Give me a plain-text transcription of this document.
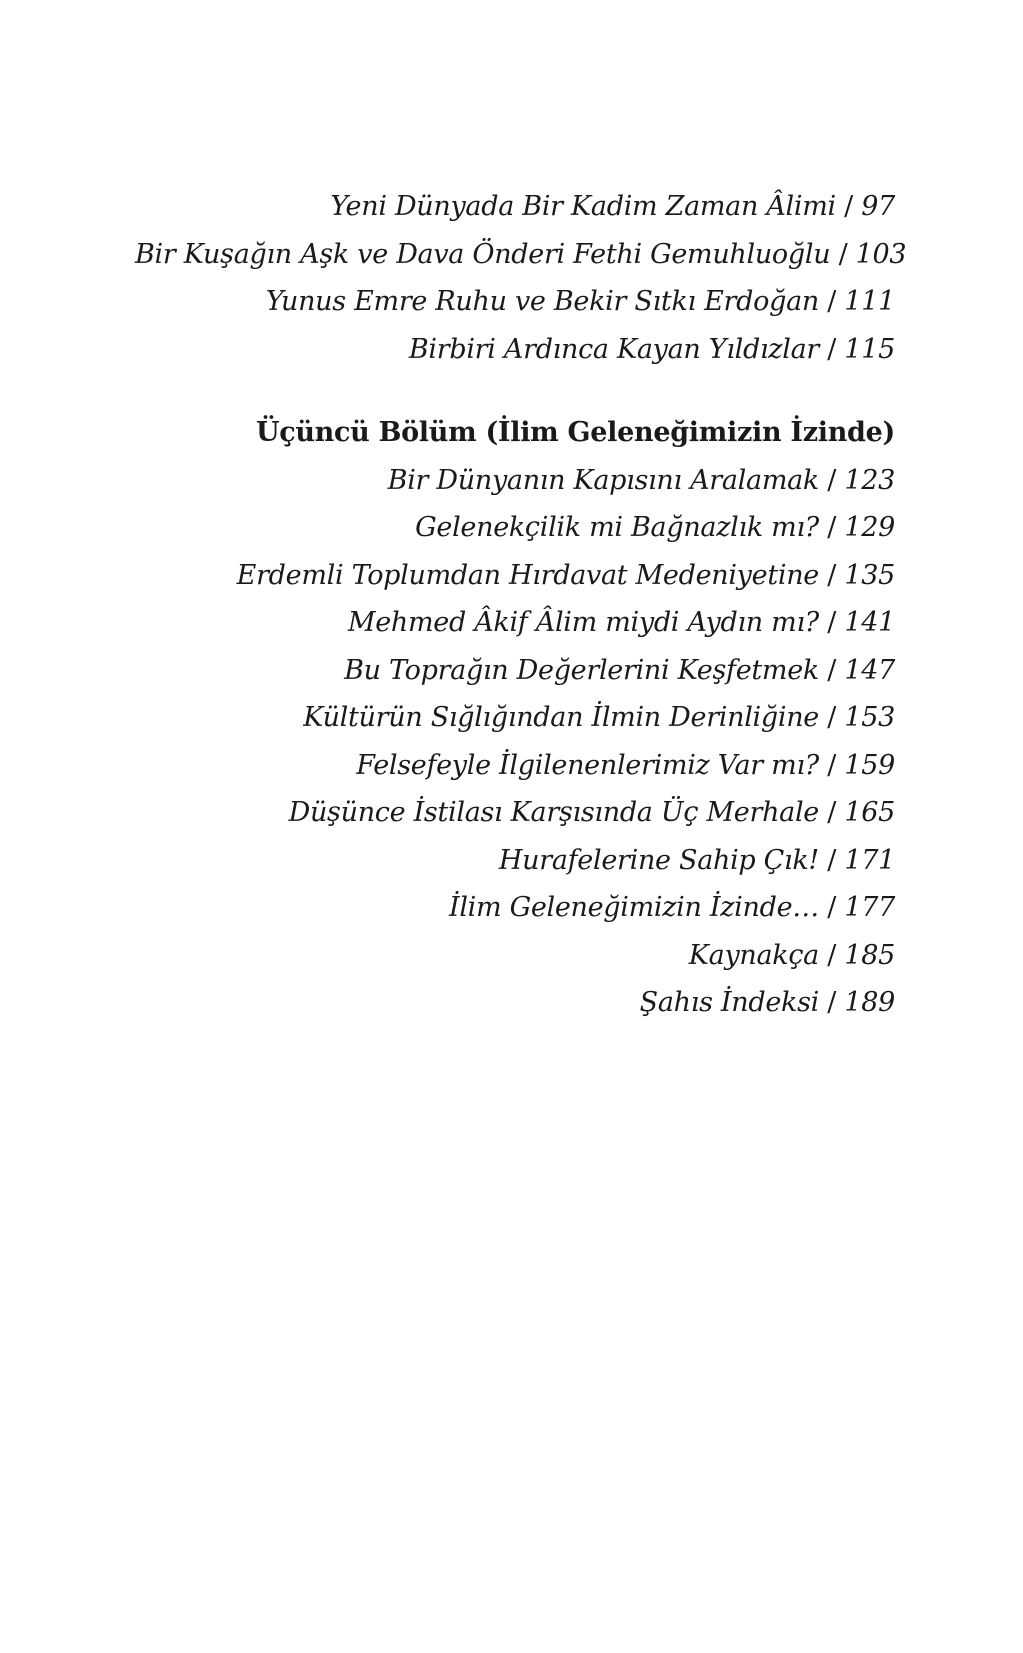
Yeni Dünyada Bir Kadim Zaman Âlimi / 97
Bir Kuşağın Aşk ve Dava Önderi Fethi Gemuhluoğlu / 103
Yunus Emre Ruhu ve Bekir Sıtkı Erdoğan / 111
Birbiri Ardınca Kayan Yıldızlar / 115
Üçüncü Bölüm (İlim Geleneğimizin İzinde)
Bir Dünyanın Kapısını Aralamak / 123
Gelenekçilik mi Bağnazlık mı? / 129
Erdemli Toplumdan Hırdavat Medeniyetine / 135
Mehmed Âkif Âlim miydi Aydın mı? / 141
Bu Toprağın Değerlerini Keşfetmek / 147
Kültürün Sığlığından İlmin Derinliğine / 153
Felsefeyle İlgilenenlerimiz Var mı? / 159
Düşünce İstilası Karşısında Üç Merhale / 165
Hurafelerine Sahip Çık! / 171
İlim Geleneğimizin İzinde… / 177
Kaynakça / 185
Şahıs İndeksi / 189
